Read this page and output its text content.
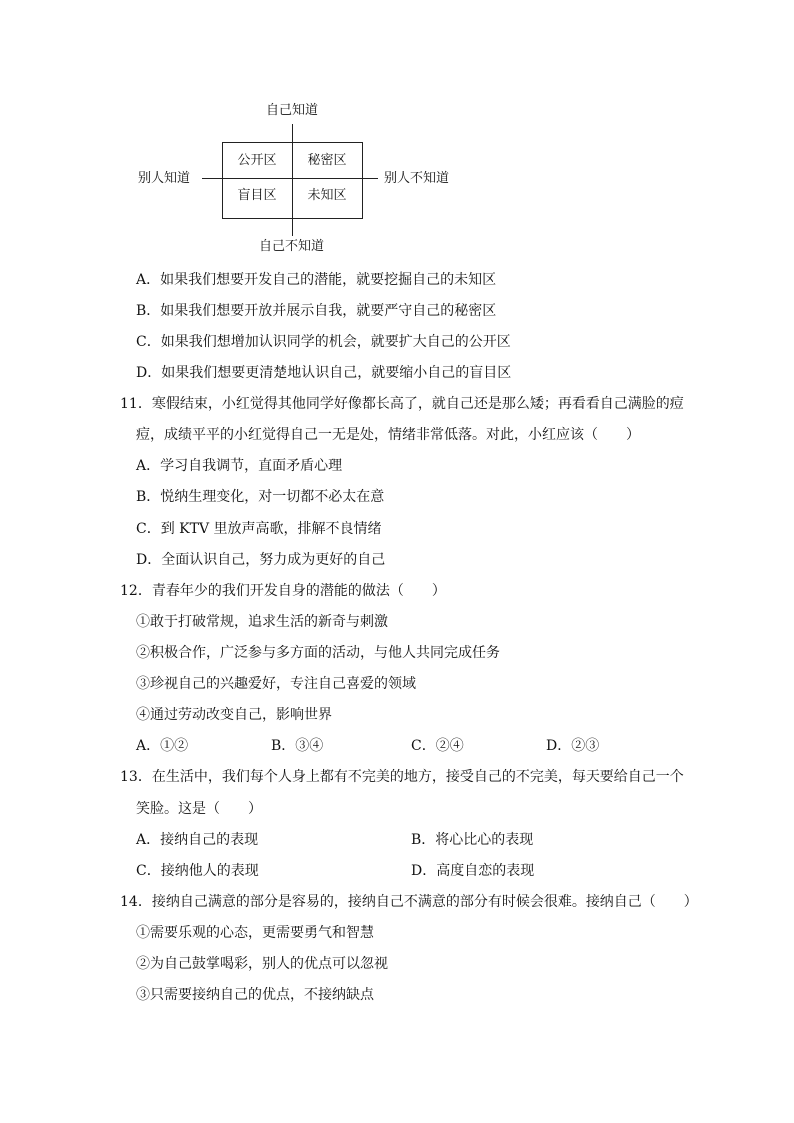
自己知道
别人知道	别人不知道
公开区	秘密区
盲目区	未知区
自己不知道
A．如果我们想要开发自己的潜能，就要挖掘自己的未知区
B．如果我们想要开放并展示自我，就要严守自己的秘密区
C．如果我们想增加认识同学的机会，就要扩大自己的公开区
D．如果我们想要更清楚地认识自己，就要缩小自己的盲目区
11．寒假结束，小红觉得其他同学好像都长高了，就自己还是那么矮；再看看自己满脸的痘
痘，成绩平平的小红觉得自己一无是处，情绪非常低落。对此，小红应该（　　）
A．学习自我调节，直面矛盾心理
B．悦纳生理变化，对一切都不必太在意
C．到 KTV 里放声高歌，排解不良情绪
D．全面认识自己，努力成为更好的自己
12．青春年少的我们开发自身的潜能的做法（　　）
①敢于打破常规，追求生活的新奇与刺激
②积极合作，广泛参与多方面的活动，与他人共同完成任务
③珍视自己的兴趣爱好，专注自己喜爱的领域
④通过劳动改变自己，影响世界
A．①②	B．③④	C．②④	D．②③
13．在生活中，我们每个人身上都有不完美的地方，接受自己的不完美，每天要给自己一个
笑脸。这是（　　）
A．接纳自己的表现	B．将心比心的表现
C．接纳他人的表现	D．高度自恋的表现
14．接纳自己满意的部分是容易的，接纳自己不满意的部分有时候会很难。接纳自己（　　）
①需要乐观的心态，更需要勇气和智慧
②为自己鼓掌喝彩，别人的优点可以忽视
③只需要接纳自己的优点，不接纳缺点
